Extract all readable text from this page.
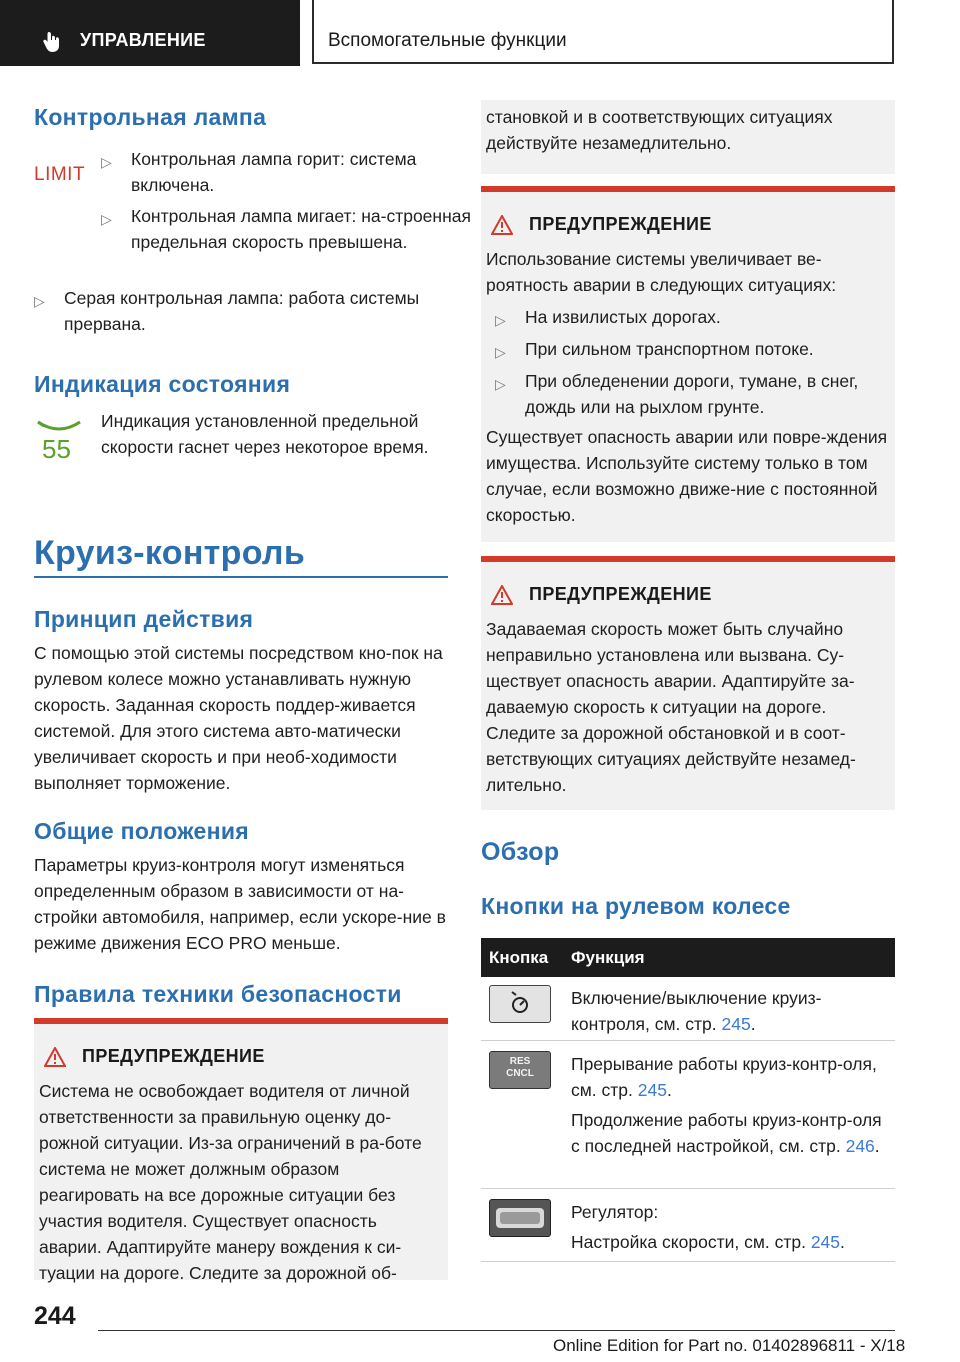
УПРАВЛЕНИЕ	Вспомогательные функции
Контрольная лампа
LIMIT
▷ Контрольная лампа горит: система включена.
▷ Контрольная лампа мигает: на-строенная предельная скорость превышена.
▷ Серая контрольная лампа: работа системы прервана.
Индикация состояния
55

Индикация установленной предельной скорости гаснет через некоторое время.

Круиз-контроль
Принцип действия

С помощью этой системы посредством кно-пок на рулевом колесе можно устанавливать нужную скорость. Заданная скорость поддер-живается системой. Для этого система авто-матически увеличивает скорость и при необ-ходимости выполняет торможение.

Общие положения

Параметры круиз-контроля могут изменяться определенным образом в зависимости от на-стройки автомобиля, например, если ускоре-ние в режиме движения ECO PRO меньше.

Правила техники безопасности
ПРЕДУПРЕЖДЕНИЕ

Система не освобождает водителя от личной ответственности за правильную оценку до-рожной ситуации. Из-за ограничений в ра-боте система не может должным образом реагировать на все дорожные ситуации без участия водителя. Существует опасность аварии. Адаптируйте манеру вождения к си-туации на дороге. Следите за дорожной об-

становкой и в соответствующих ситуациях действуйте незамедлительно.

ПРЕДУПРЕЖДЕНИЕ

Использование системы увеличивает ве-роятность аварии в следующих ситуациях:

▷ На извилистых дорогах.
▷ При сильном транспортном потоке.
▷ При обледенении дороги, тумане, в снег, дождь или на рыхлом грунте.

Существует опасность аварии или повре-ждения имущества. Используйте систему только в том случае, если возможно движе-ние с постоянной скоростью.

ПРЕДУПРЕЖДЕНИЕ

Задаваемая скорость может быть случайно неправильно установлена или вызвана. Су-ществует опасность аварии. Адаптируйте за-даваемую скорость к ситуации на дороге. Следите за дорожной обстановкой и в соот-ветствующих ситуациях действуйте незамед-лительно.

Обзор
Кнопки на рулевом колесе
Кнопка Функция
Включение/выключение круиз-контроля, см. стр. 245.
RES CNCL Прерывание работы круиз-контр-оля, см. стр. 245.
Продолжение работы круиз-контр-оля с последней настройкой, см. стр. 246.
Регулятор:
Настройка скорости, см. стр. 245.
244
Online Edition for Part no. 01402896811 - X/18
